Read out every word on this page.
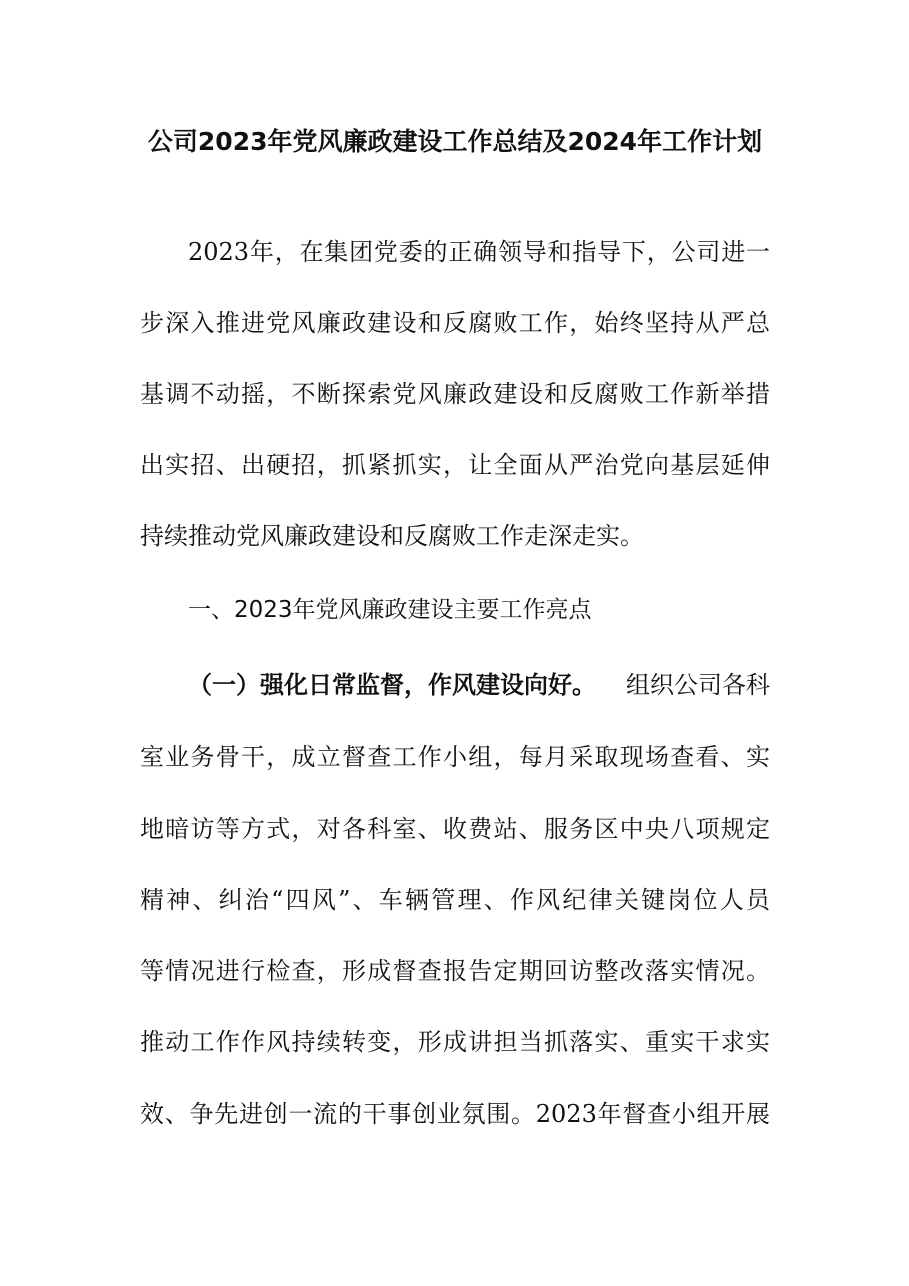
公司2023年党风廉政建设工作总结及2024年工作计划

2023年，在集团党委的正确领导和指导下，公司进一

步深入推进党风廉政建设和反腐败工作，始终坚持从严总

基调不动摇，不断探索党风廉政建设和反腐败工作新举措

出实招、出硬招，抓紧抓实，让全面从严治党向基层延伸

持续推动党风廉政建设和反腐败工作走深走实。

一、2023年党风廉政建设主要工作亮点

（一）强化日常监督，作风建设向好。 组织公司各科

室业务骨干，成立督查工作小组，每月采取现场查看、实

地暗访等方式，对各科室、收费站、服务区中央八项规定

精神、纠治“四风”、车辆管理、作风纪律关键岗位人员

等情况进行检查，形成督查报告定期回访整改落实情况。

推动工作作风持续转变，形成讲担当抓落实、重实干求实

效、争先进创一流的干事创业氛围。2023年督查小组开展
